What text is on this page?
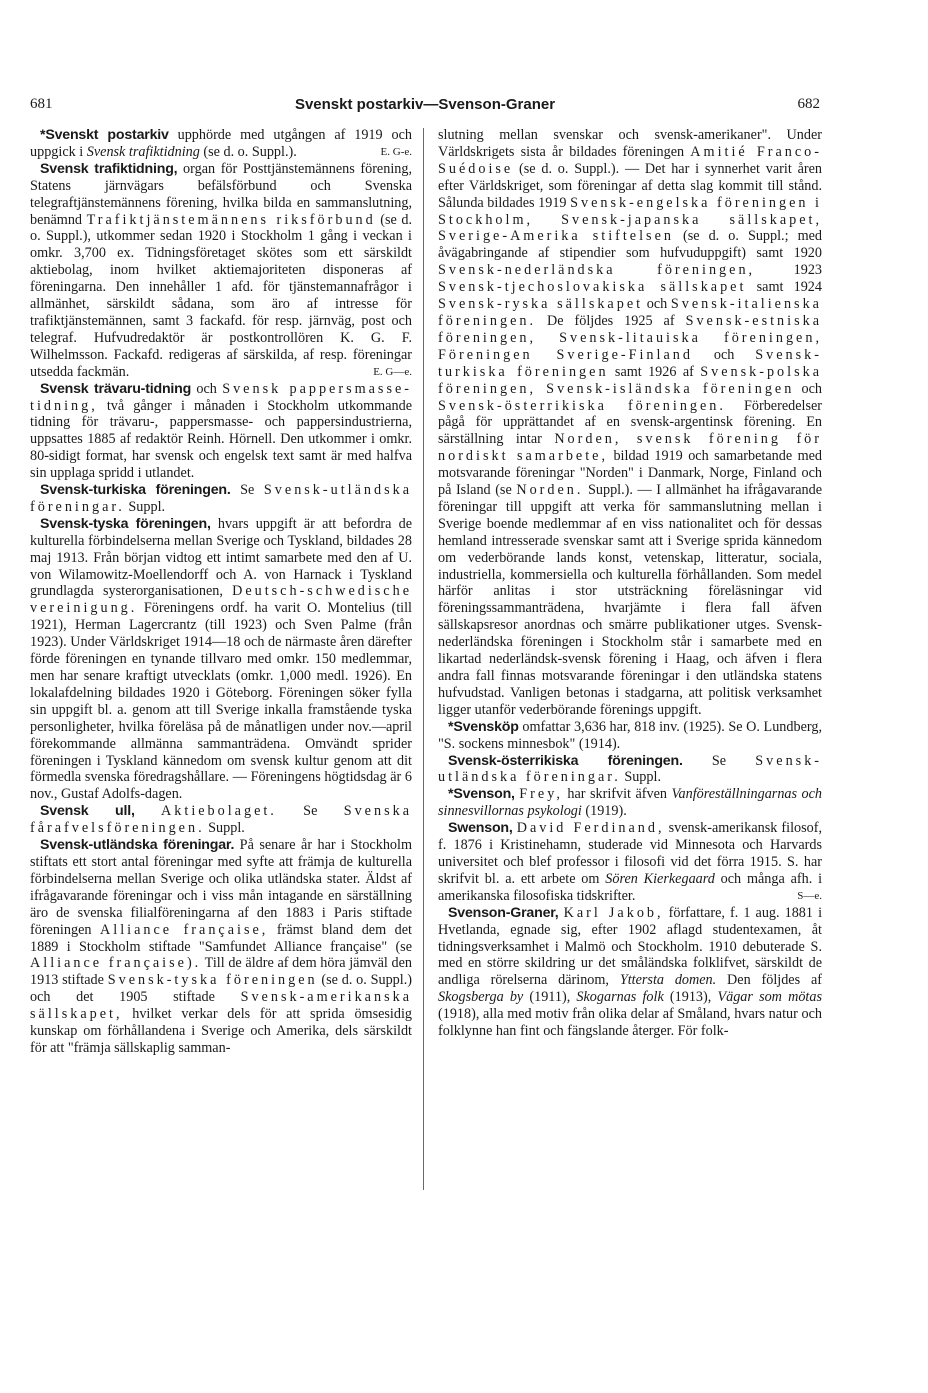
681	Svenskt postarkiv—Svenson-Graner	682

*Svenskt postarkiv upphörde med utgången af 1919 och uppgick i Svensk trafiktidning (se d. o. Suppl.).	E. G-e.

Svensk trafiktidning, organ för Posttjänstemännens förening, Statens järnvägars befälsförbund och Svenska telegraftjänstemännens förening, hvilka bilda en sammanslutning, benämnd Trafiktjänstemännens riksförbund (se d. o. Suppl.), utkommer sedan 1920 i Stockholm 1 gång i veckan i omkr. 3,700 ex. Tidningsföretaget skötes som ett särskildt aktiebolag, inom hvilket aktiemajoriteten disponeras af föreningarna. Den innehåller 1 afd. för tjänstemannafrågor i allmänhet, särskildt sådana, som äro af intresse för trafiktjänstemännen, samt 3 fackafd. för resp. järnväg, post och telegraf. Hufvudredaktör är postkontrollören K. G. F. Wilhelmsson. Fackafd. redigeras af särskilda, af resp. föreningar utsedda fackmän.	E. G—e.

Svensk trävaru-tidning och Svensk pappersmasse-tidning, två gånger i månaden i Stockholm utkommande tidning för trävaru-, pappersmasse- och pappersindustrierna, uppsattes 1885 af redaktör Reinh. Hörnell. Den utkommer i omkr. 80-sidigt format, har svensk och engelsk text samt är med halfva sin upplaga spridd i utlandet.

Svensk-turkiska föreningen. Se Svensk-utländska föreningar. Suppl.

Svensk-tyska föreningen, hvars uppgift är att befordra de kulturella förbindelserna mellan Sverige och Tyskland, bildades 28 maj 1913. Från början vidtog ett intimt samarbete med den af U. von Wilamowitz-Moellendorff och A. von Harnack i Tyskland grundlagda systerorganisationen, Deutsch-schwedische vereinigung. Föreningens ordf. ha varit O. Montelius (till 1921), Herman Lagercrantz (till 1923) och Sven Palme (från 1923). Under Världskriget 1914—18 och de närmaste åren därefter förde föreningen en tynande tillvaro med omkr. 150 medlemmar, men har senare kraftigt utvecklats (omkr. 1,000 medl. 1926). En lokalafdelning bildades 1920 i Göteborg. Föreningen söker fylla sin uppgift bl. a. genom att till Sverige inkalla framstående tyska personligheter, hvilka föreläsa på de månatligen under nov.—april förekommande allmänna sammanträdena. Omvändt sprider föreningen i Tyskland kännedom om svensk kultur genom att dit förmedla svenska föredragshållare. — Föreningens högtidsdag är 6 nov., Gustaf Adolfs-dagen.

Svensk ull, Aktiebolaget. Se Svenska fårafvelsföreningen. Suppl.

Svensk-utländska föreningar. På senare år har i Stockholm stiftats ett stort antal föreningar med syfte att främja de kulturella förbindelserna mellan Sverige och olika utländska stater. Äldst af ifrågavarande föreningar och i viss mån intagande en särställning äro de svenska filialföreningarna af den 1883 i Paris stiftade föreningen Alliance française, främst bland dem det 1889 i Stockholm stiftade "Samfundet Alliance française" (se Alliance française). Till de äldre af dem höra jämväl den 1913 stiftade Svensk-tyska föreningen (se d. o. Suppl.) och det 1905 stiftade Svensk-amerikanska sällskapet, hvilket verkar dels för att sprida ömsesidig kunskap om förhållandena i Sverige och Amerika, dels särskildt för att "främja sällskaplig samman-

slutning mellan svenskar och svensk-amerikaner". Under Världskrigets sista år bildades föreningen Amitié Franco-Suédoise (se d. o. Suppl.). — Det har i synnerhet varit åren efter Världskriget, som föreningar af detta slag kommit till stånd. Sålunda bildades 1919 Svensk-engelska föreningen i Stockholm, Svensk-japanska sällskapet, Sverige-Amerika stiftelsen (se d. o. Suppl.; med åvägabringande af stipendier som hufvuduppgift) samt 1920 Svensk-nederländska föreningen, 1923 Svensk-tjechoslovakiska sällskapet samt 1924 Svensk-ryska sällskapet och Svensk-italienska föreningen. De följdes 1925 af Svensk-estniska föreningen, Svensk-litauiska föreningen, Föreningen Sverige-Finland och Svensk-turkiska föreningen samt 1926 af Svensk-polska föreningen, Svensk-isländska föreningen och Svensk-österrikiska föreningen. Förberedelser pågå för upprättandet af en svensk-argentinsk förening. En särställning intar Norden, svensk förening för nordiskt samarbete, bildad 1919 och samarbetande med motsvarande föreningar "Norden" i Danmark, Norge, Finland och på Island (se Norden. Suppl.). — I allmänhet ha ifrågavarande föreningar till uppgift att verka för sammanslutning mellan i Sverige boende medlemmar af en viss nationalitet och för dessas hemland intresserade svenskar samt att i Sverige sprida kännedom om vederbörande lands konst, vetenskap, litteratur, sociala, industriella, kommersiella och kulturella förhållanden. Som medel härför anlitas i stor utsträckning föreläsningar vid föreningssammanträdena, hvarjämte i flera fall äfven sällskapsresor anordnas och smärre publikationer utges. Svensk-nederländska föreningen i Stockholm står i samarbete med en likartad nederländsk-svensk förening i Haag, och äfven i flera andra fall finnas motsvarande föreningar i den utländska statens hufvudstad. Vanligen betonas i stadgarna, att politisk verksamhet ligger utanför vederbörande förenings uppgift.

*Svensköp omfattar 3,636 har, 818 inv. (1925). Se O. Lundberg, "S. sockens minnesbok" (1914).

Svensk-österrikiska föreningen. Se Svensk-utländska föreningar. Suppl.

*Svenson, Frey, har skrifvit äfven Vanföreställningarnas och sinnesvillornas psykologi (1919).

Swenson, David Ferdinand, svensk-amerikansk filosof, f. 1876 i Kristinehamn, studerade vid Minnesota och Harvards universitet och blef professor i filosofi vid det förra 1915. S. har skrifvit bl. a. ett arbete om Sören Kierkegaard och många afh. i amerikanska filosofiska tidskrifter.	S—e.

Svenson-Graner, Karl Jakob, författare, f. 1 aug. 1881 i Hvetlanda, egnade sig, efter 1902 aflagd studentexamen, åt tidningsverksamhet i Malmö och Stockholm. 1910 debuterade S. med en större skildring ur det småländska folklifvet, särskildt de andliga rörelserna därinom, Yttersta domen. Den följdes af Skogsberga by (1911), Skogarnas folk (1913), Vägar som mötas (1918), alla med motiv från olika delar af Småland, hvars natur och folklynne han fint och fängslande återger. För folk-
